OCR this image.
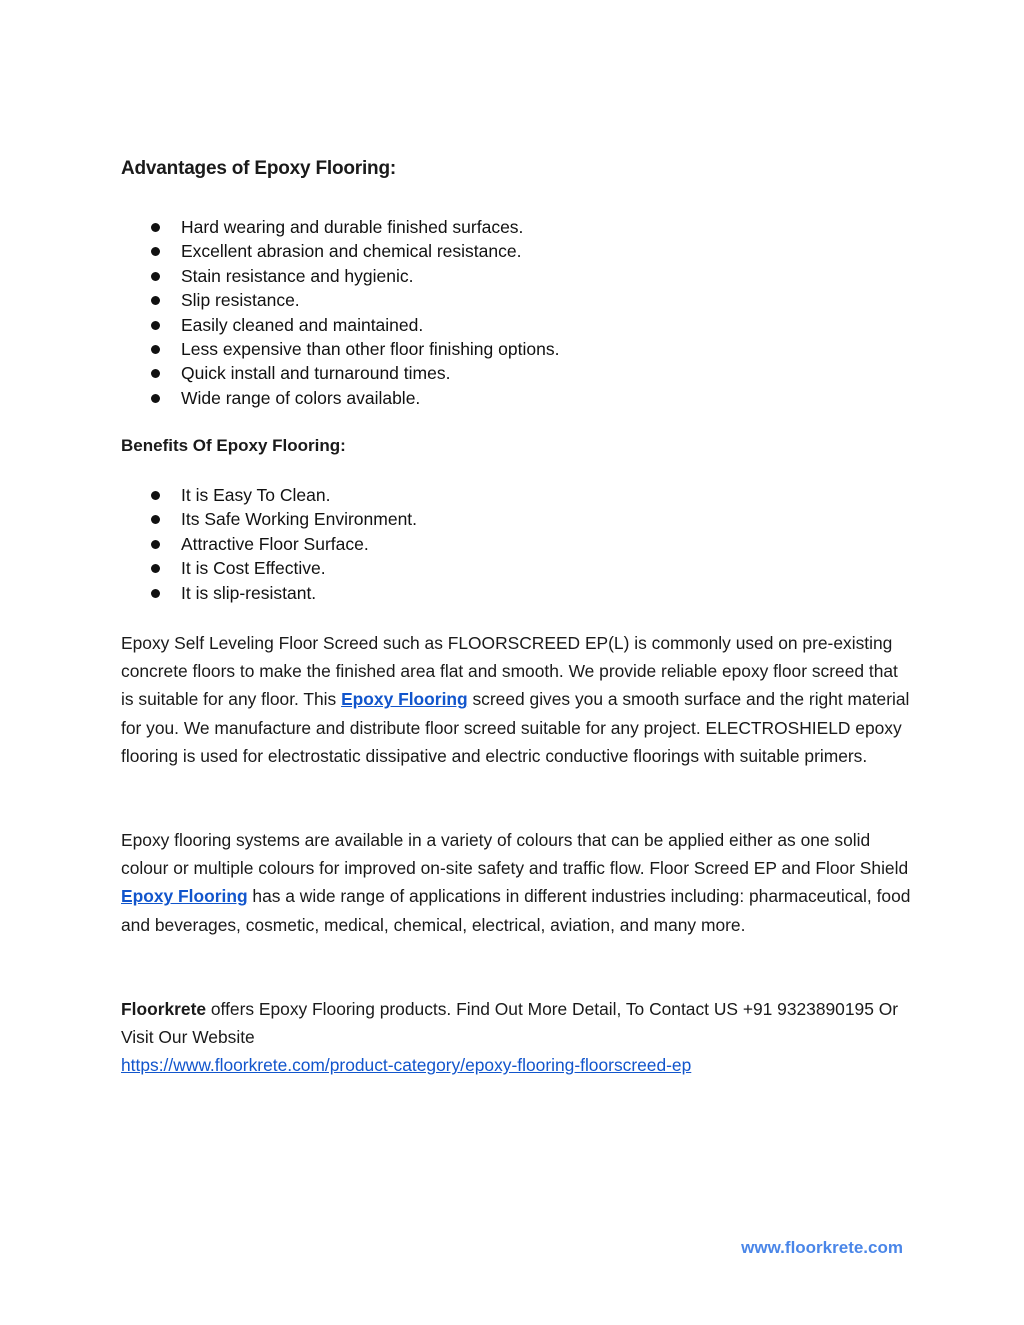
Advantages of Epoxy Flooring:
Hard wearing and durable finished surfaces.
Excellent abrasion and chemical resistance.
Stain resistance and hygienic.
Slip resistance.
Easily cleaned and maintained.
Less expensive than other floor finishing options.
Quick install and turnaround times.
Wide range of colors available.
Benefits Of Epoxy Flooring:
It is Easy To Clean.
Its Safe Working Environment.
Attractive Floor Surface.
It is Cost Effective.
It is slip-resistant.

Epoxy Self Leveling Floor Screed such as FLOORSCREED EP(L) is commonly used on pre-existing concrete floors to make the finished area flat and smooth. We provide reliable epoxy floor screed that is suitable for any floor. This Epoxy Flooring screed gives you a smooth surface and the right material for you. We manufacture and distribute floor screed suitable for any project. ELECTROSHIELD epoxy flooring is used for electrostatic dissipative and electric conductive floorings with suitable primers.

Epoxy flooring systems are available in a variety of colours that can be applied either as one solid colour or multiple colours for improved on-site safety and traffic flow. Floor Screed EP and Floor Shield Epoxy Flooring has a wide range of applications in different industries including: pharmaceutical, food and beverages, cosmetic, medical, chemical, electrical, aviation, and many more.

Floorkrete offers Epoxy Flooring products. Find Out More Detail, To Contact US +91 9323890195 Or Visit Our Website
https://www.floorkrete.com/product-category/epoxy-flooring-floorscreed-ep

www.floorkrete.com
